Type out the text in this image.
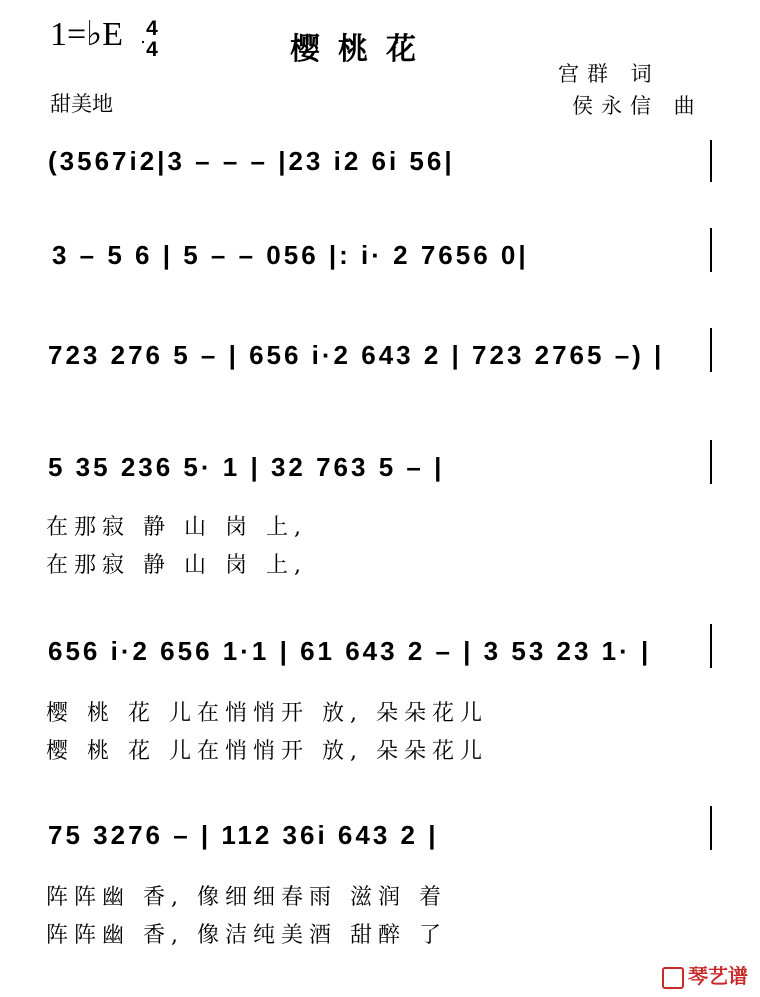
1=♭E 4
4	樱桃花
宫群 词
侯永信 曲
甜美地
(3567i2|3 – – – |23 i2 6i 56|
3 – 5 6 | 5 – – 056 |: i· 2 7656 0|
723 276 5 – | 656 i·2 643 2 | 723 2765 –) |
5 35 236 5· 1 | 32 763 5 – |
在那寂 静 山 岗 上,
在那寂 静 山 岗 上,
656 i·2 656 1·1 | 61 643 2 – | 3 53 23 1· |
樱 桃 花 儿在悄悄开 放, 朵朵花儿
樱 桃 花 儿在悄悄开 放, 朵朵花儿
75 3276 – | 112 36i 643 2 |
阵阵幽 香, 像细细春雨 滋润 着
阵阵幽 香, 像洁纯美酒 甜醉 了
琴艺谱
